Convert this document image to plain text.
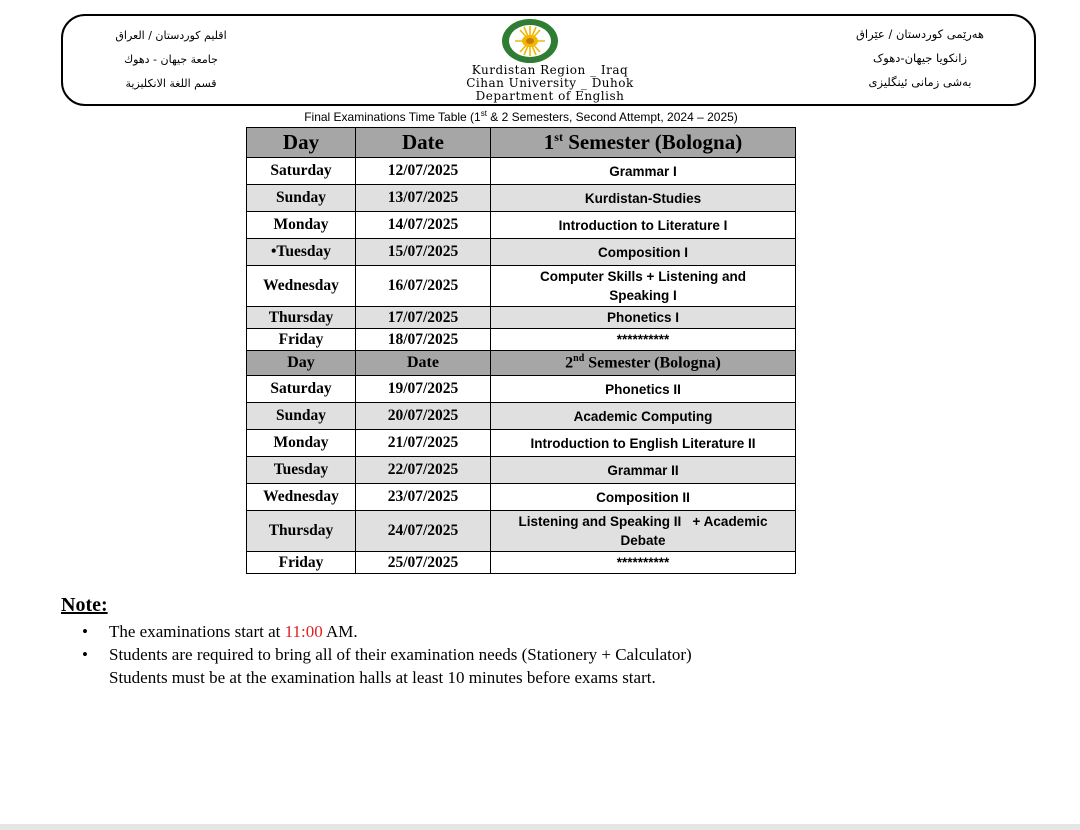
اقليم كوردستان / العراق
جامعة جيهان - دهوك
قسم اللغة الانكليزية
هەرێمی کوردستان / عێراق
زانکویا جیهان-دهوک
بەشی زمانی ئینگلیزی
Kurdistan Region _ Iraq
Cihan University _ Duhok
Department of English
Final Examinations Time Table (1st & 2 Semesters, Second Attempt, 2024 – 2025)
Day	Date	1st Semester (Bologna)
Saturday	12/07/2025	Grammar I
Sunday	13/07/2025	Kurdistan-Studies
Monday	14/07/2025	Introduction to Literature I
•Tuesday	15/07/2025	Composition I
Wednesday	16/07/2025	Computer Skills + Listening and Speaking I
Thursday	17/07/2025	Phonetics I
Friday	18/07/2025	**********
Day	Date	2nd Semester (Bologna)
Saturday	19/07/2025	Phonetics II
Sunday	20/07/2025	Academic Computing
Monday	21/07/2025	Introduction to English Literature II
Tuesday	22/07/2025	Grammar II
Wednesday	23/07/2025	Composition II
Thursday	24/07/2025	Listening and Speaking II   + Academic Debate
Friday	25/07/2025	**********
Note:
• The examinations start at 11:00 AM.
• Students are required to bring all of their examination needs (Stationery + Calculator)
Students must be at the examination halls at least 10 minutes before exams start.
